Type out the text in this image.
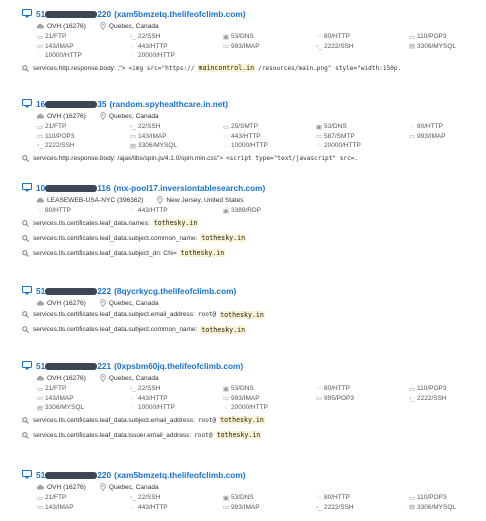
51	220 (xam5bmzetq.thelifeofclimb.com)
OVH (16276)	Quebec, Canada
▭ 21/FTP	›_ 22/SSH	▣ 53/DNS	◌ 80/HTTP	▭ 110/POP3
▭ 143/IMAP	◌ 443/HTTP	▭ 993/IMAP	›_ 2222/SSH	▤ 3306/MYSQL
◌ 10000/HTTP	◌ 20000/HTTP
services.http.response.body: ;"> <img src="https:// maincontrol.in /resources/main.png" style="width:150p.
16	35 (random.spyhealthcare.in.net)
OVH (16276)	Quebec, Canada
▭ 21/FTP	›_ 22/SSH	▭ 25/SMTP	▣ 53/DNS	◌ 80/HTTP
▭ 110/POP3	▭ 143/IMAP	◌ 443/HTTP	▭ 587/SMTP	▭ 993/IMAP
›_ 2222/SSH	▤ 3306/MYSQL	◌ 10000/HTTP	◌ 20000/HTTP
services.http.response.body: /ajax/libs/spin.js/4.1.0/spin.min.css"> <script type="text/javascript" src=.
10	116 (mx-pool17.inversiontablesearch.com)
LEASEWEB-USA-NYC (396362)	New Jersey, United States
◌ 80/HTTP	◌ 443/HTTP	▣ 3389/RDP
services.tls.certificates.leaf_data.names: tothesky.in
services.tls.certificates.leaf_data.subject.common_name: tothesky.in
services.tls.certificates.leaf_data.subject_dn: CN= tothesky.in
51	222 (8qycrkycg.thelifeofclimb.com)
OVH (16276)	Quebec, Canada
services.tls.certificates.leaf_data.subject.email_address: root@ tothesky.in
services.tls.certificates.leaf_data.subject.common_name: tothesky.in
51	221 (0xpsbm60jq.thelifeofclimb.com)
OVH (16276)	Quebec, Canada
▭ 21/FTP	›_ 22/SSH	▣ 53/DNS	◌ 80/HTTP	▭ 110/POP3
▭ 143/IMAP	◌ 443/HTTP	▭ 993/IMAP	▭ 995/POP3	›_ 2222/SSH
▤ 3306/MYSQL	◌ 10000/HTTP	◌ 20000/HTTP
services.tls.certificates.leaf_data.subject.email_address: root@ tothesky.in
services.tls.certificates.leaf_data.issuer.email_address: root@ tothesky.in
51	220 (xam5bmzetq.thelifeofclimb.com)
OVH (16276)	Quebec, Canada
▭ 21/FTP	›_ 22/SSH	▣ 53/DNS	◌ 80/HTTP	▭ 110/POP3
▭ 143/IMAP	◌ 443/HTTP	▭ 993/IMAP	›_ 2222/SSH	▤ 3306/MYSQL
